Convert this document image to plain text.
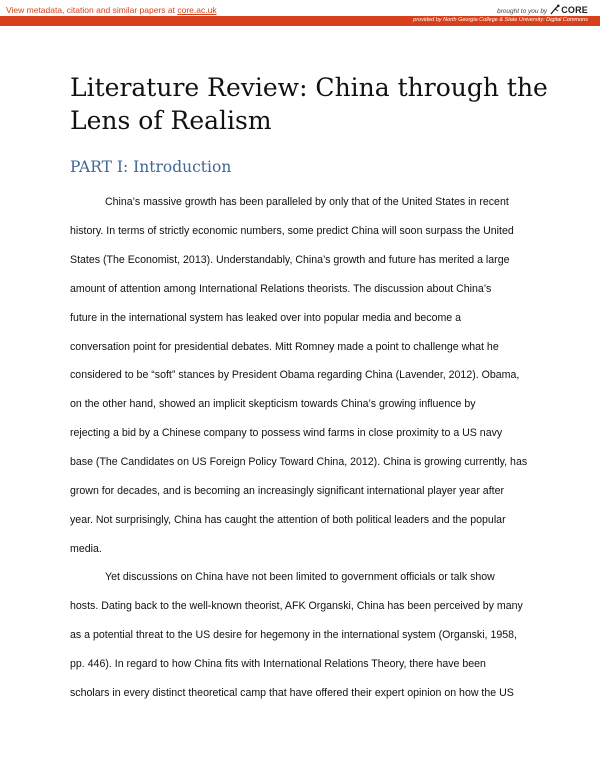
View metadata, citation and similar papers at core.ac.uk	brought to you by CORE
provided by North Georgia College & State University: Digital Commons
Literature Review: China through the
Lens of Realism
PART I: Introduction
China’s massive growth has been paralleled by only that of the United States in recent
history. In terms of strictly economic numbers, some predict China will soon surpass the United
States (The Economist, 2013). Understandably, China’s growth and future has merited a large
amount of attention among International Relations theorists. The discussion about China’s
future in the international system has leaked over into popular media and become a
conversation point for presidential debates. Mitt Romney made a point to challenge what he
considered to be “soft” stances by President Obama regarding China (Lavender, 2012). Obama,
on the other hand, showed an implicit skepticism towards China’s growing influence by
rejecting a bid by a Chinese company to possess wind farms in close proximity to a US navy
base (The Candidates on US Foreign Policy Toward China, 2012). China is growing currently, has
grown for decades, and is becoming an increasingly significant international player year after
year. Not surprisingly, China has caught the attention of both political leaders and the popular
media.
Yet discussions on China have not been limited to government officials or talk show
hosts. Dating back to the well-known theorist, AFK Organski, China has been perceived by many
as a potential threat to the US desire for hegemony in the international system (Organski, 1958,
pp. 446). In regard to how China fits with International Relations Theory, there have been
scholars in every distinct theoretical camp that have offered their expert opinion on how the US
